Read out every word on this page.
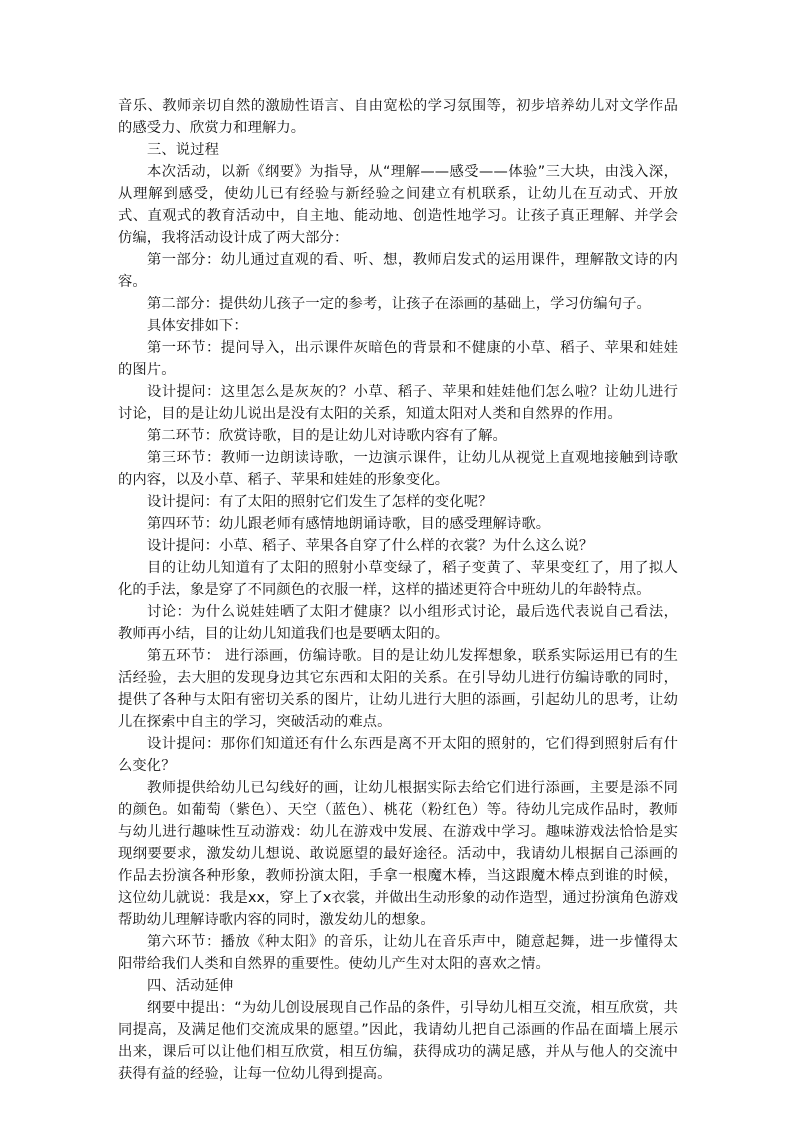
音乐、教师亲切自然的激励性语言、自由宽松的学习氛围等，初步培养幼儿对文学作品的感受力、欣赏力和理解力。

三、说过程

本次活动，以新《纲要》为指导，从“理解——感受——体验”三大块，由浅入深，从理解到感受，使幼儿已有经验与新经验之间建立有机联系，让幼儿在互动式、开放式、直观式的教育活动中，自主地、能动地、创造性地学习。让孩子真正理解、并学会仿编，我将活动设计成了两大部分：

第一部分：幼儿通过直观的看、听、想，教师启发式的运用课件，理解散文诗的内容。

第二部分：提供幼儿孩子一定的参考，让孩子在添画的基础上，学习仿编句子。

具体安排如下：

第一环节：提问导入，出示课件灰暗色的背景和不健康的小草、稻子、苹果和娃娃的图片。

设计提问：这里怎么是灰灰的？小草、稻子、苹果和娃娃他们怎么啦？让幼儿进行讨论，目的是让幼儿说出是没有太阳的关系，知道太阳对人类和自然界的作用。

第二环节：欣赏诗歌，目的是让幼儿对诗歌内容有了解。

第三环节：教师一边朗读诗歌，一边演示课件，让幼儿从视觉上直观地接触到诗歌的内容，以及小草、稻子、苹果和娃娃的形象变化。

设计提问：有了太阳的照射它们发生了怎样的变化呢？

第四环节：幼儿跟老师有感情地朗诵诗歌，目的感受理解诗歌。

设计提问：小草、稻子、苹果各自穿了什么样的衣裳？为什么这么说？

目的让幼儿知道有了太阳的照射小草变绿了，稻子变黄了、苹果变红了，用了拟人化的手法，象是穿了不同颜色的衣服一样，这样的描述更符合中班幼儿的年龄特点。

讨论：为什么说娃娃晒了太阳才健康？以小组形式讨论，最后选代表说自己看法，教师再小结，目的让幼儿知道我们也是要晒太阳的。

第五环节： 进行添画，仿编诗歌。目的是让幼儿发挥想象，联系实际运用已有的生活经验，去大胆的发现身边其它东西和太阳的关系。在引导幼儿进行仿编诗歌的同时，提供了各种与太阳有密切关系的图片，让幼儿进行大胆的添画，引起幼儿的思考，让幼儿在探索中自主的学习，突破活动的难点。

设计提问：那你们知道还有什么东西是离不开太阳的照射的，它们得到照射后有什么变化？

教师提供给幼儿已勾线好的画，让幼儿根据实际去给它们进行添画，主要是添不同的颜色。如葡萄（紫色）、天空（蓝色）、桃花（粉红色）等。待幼儿完成作品时，教师与幼儿进行趣味性互动游戏：幼儿在游戏中发展、在游戏中学习。趣味游戏法恰恰是实现纲要要求，激发幼儿想说、敢说愿望的最好途径。活动中，我请幼儿根据自己添画的作品去扮演各种形象，教师扮演太阳，手拿一根魔木棒，当这跟魔木棒点到谁的时候，这位幼儿就说：我是xx，穿上了x衣裳，并做出生动形象的动作造型，通过扮演角色游戏帮助幼儿理解诗歌内容的同时，激发幼儿的想象。

第六环节：播放《种太阳》的音乐，让幼儿在音乐声中，随意起舞，进一步懂得太阳带给我们人类和自然界的重要性。使幼儿产生对太阳的喜欢之情。

四、活动延伸

纲要中提出：“为幼儿创设展现自己作品的条件，引导幼儿相互交流，相互欣赏，共同提高，及满足他们交流成果的愿望。”因此，我请幼儿把自己添画的作品在面墙上展示出来，课后可以让他们相互欣赏，相互仿编，获得成功的满足感，并从与他人的交流中获得有益的经验，让每一位幼儿得到提高。
